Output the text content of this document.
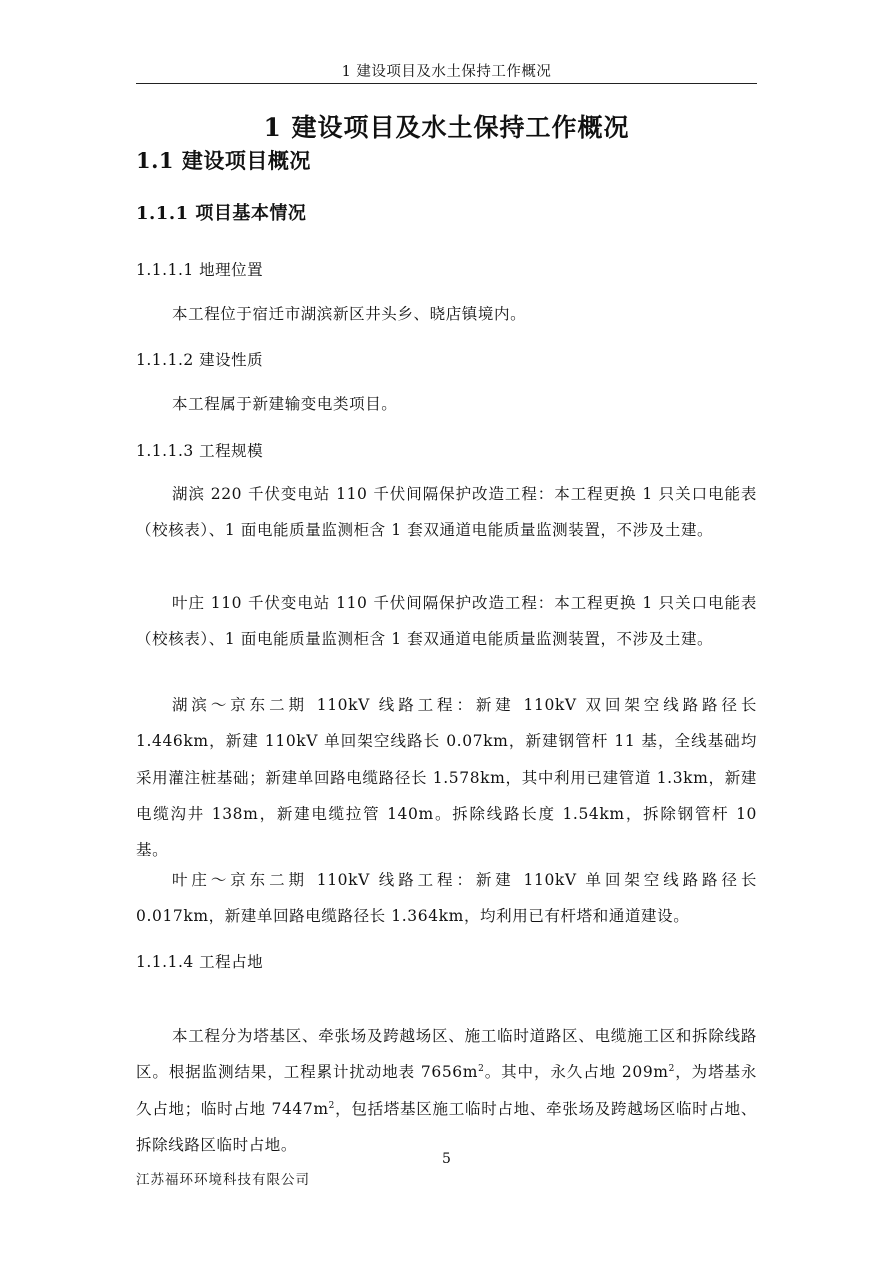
1 建设项目及水土保持工作概况
1 建设项目及水土保持工作概况
1.1 建设项目概况
1.1.1 项目基本情况
1.1.1.1 地理位置
本工程位于宿迁市湖滨新区井头乡、晓店镇境内。
1.1.1.2 建设性质
本工程属于新建输变电类项目。
1.1.1.3 工程规模
湖滨 220 千伏变电站 110 千伏间隔保护改造工程：本工程更换 1 只关口电能表（校核表）、1 面电能质量监测柜含 1 套双通道电能质量监测装置，不涉及土建。
叶庄 110 千伏变电站 110 千伏间隔保护改造工程：本工程更换 1 只关口电能表（校核表）、1 面电能质量监测柜含 1 套双通道电能质量监测装置，不涉及土建。
湖滨～京东二期 110kV 线路工程：新建 110kV 双回架空线路路径长 1.446km，新建 110kV 单回架空线路长 0.07km，新建钢管杆 11 基，全线基础均采用灌注桩基础；新建单回路电缆路径长 1.578km，其中利用已建管道 1.3km，新建电缆沟井 138m，新建电缆拉管 140m。拆除线路长度 1.54km，拆除钢管杆 10 基。
叶庄～京东二期 110kV 线路工程：新建 110kV 单回架空线路路径长 0.017km，新建单回路电缆路径长 1.364km，均利用已有杆塔和通道建设。
1.1.1.4 工程占地
本工程分为塔基区、牵张场及跨越场区、施工临时道路区、电缆施工区和拆除线路区。根据监测结果，工程累计扰动地表 $7656m^2$。其中，永久占地 $209m^2$，为塔基永久占地；临时占地 $7447m^2$，包括塔基区施工临时占地、牵张场及跨越场区临时占地、拆除线路区临时占地。
5
江苏福环环境科技有限公司
